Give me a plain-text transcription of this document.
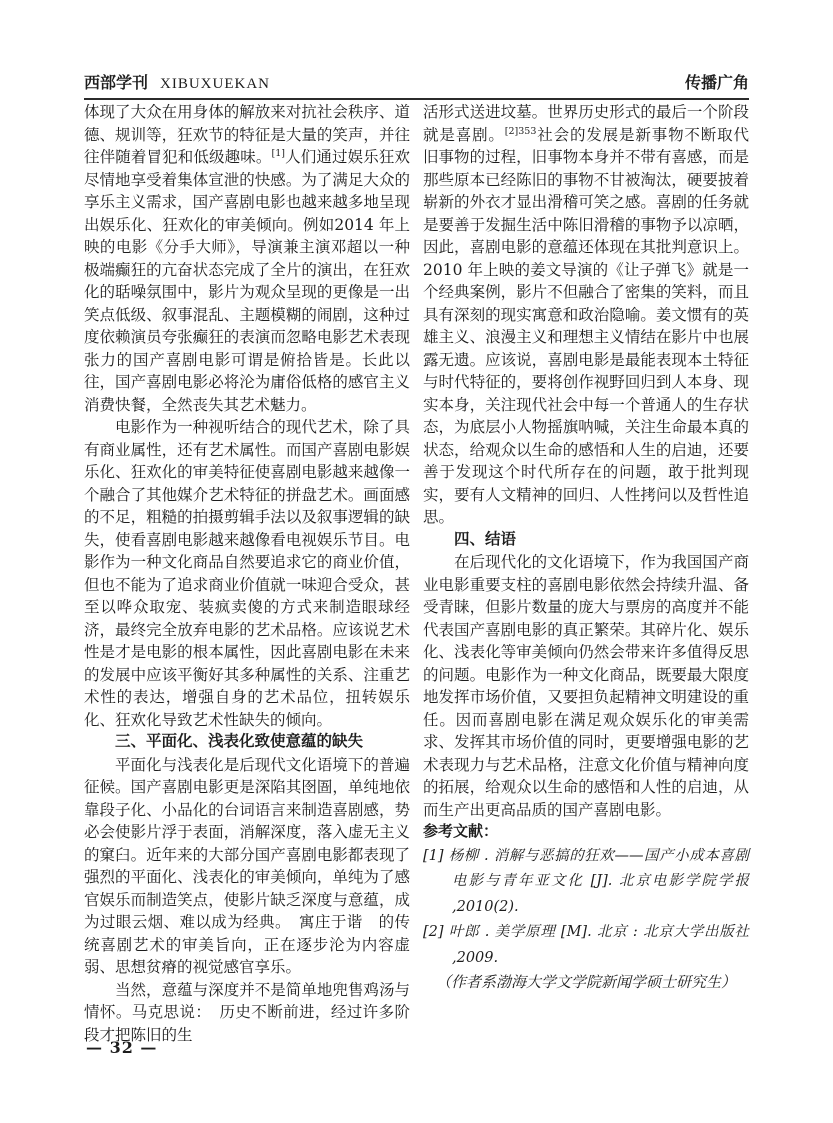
西部学刊 XIBUXUEKAN	传播广角

体现了大众在用身体的解放来对抗社会秩序、道德、规训等，狂欢节的特征是大量的笑声，并往往伴随着冒犯和低级趣味。[1]人们通过娱乐狂欢尽情地享受着集体宣泄的快感。为了满足大众的享乐主义需求，国产喜剧电影也越来越多地呈现出娱乐化、狂欢化的审美倾向。例如2014 年上映的电影《分手大师》，导演兼主演邓超以一种极端癫狂的亢奋状态完成了全片的演出，在狂欢化的聒噪氛围中，影片为观众呈现的更像是一出笑点低级、叙事混乱、主题模糊的闹剧，这种过度依赖演员夸张癫狂的表演而忽略电影艺术表现张力的国产喜剧电影可谓是俯拾皆是。长此以往，国产喜剧电影必将沦为庸俗低格的感官主义消费快餐，全然丧失其艺术魅力。

电影作为一种视听结合的现代艺术，除了具有商业属性，还有艺术属性。而国产喜剧电影娱乐化、狂欢化的审美特征使喜剧电影越来越像一个融合了其他媒介艺术特征的拼盘艺术。画面感的不足，粗糙的拍摄剪辑手法以及叙事逻辑的缺失，使看喜剧电影越来越像看电视娱乐节目。电影作为一种文化商品自然要追求它的商业价值，但也不能为了追求商业价值就一味迎合受众，甚至以哗众取宠、装疯卖傻的方式来制造眼球经济，最终完全放弃电影的艺术品格。应该说艺术性是才是电影的根本属性，因此喜剧电影在未来的发展中应该平衡好其多种属性的关系、注重艺术性的表达，增强自身的艺术品位，扭转娱乐化、狂欢化导致艺术性缺失的倾向。

三、平面化、浅表化致使意蕴的缺失

平面化与浅表化是后现代文化语境下的普遍征候。国产喜剧电影更是深陷其囹圄，单纯地依靠段子化、小品化的台词语言来制造喜剧感，势必会使影片浮于表面，消解深度，落入虚无主义的窠臼。近年来的大部分国产喜剧电影都表现了强烈的平面化、浅表化的审美倾向，单纯为了感官娱乐而制造笑点，使影片缺乏深度与意蕴，成为过眼云烟、难以成为经典。　寓庄于谐　的传统喜剧艺术的审美旨向，正在逐步沦为内容虚弱、思想贫瘠的视觉感官享乐。

当然，意蕴与深度并不是简单地兜售鸡汤与情怀。马克思说：　历史不断前进，经过许多阶段才把陈旧的生

活形式送进坟墓。世界历史形式的最后一个阶段就是喜剧。$^{[2]353}$社会的发展是新事物不断取代旧事物的过程，旧事物本身并不带有喜感，而是那些原本已经陈旧的事物不甘被淘汰，硬要披着崭新的外衣才显出滑稽可笑之感。喜剧的任务就是要善于发掘生活中陈旧滑稽的事物予以凉晒，因此，喜剧电影的意蕴还体现在其批判意识上。2010 年上映的姜文导演的《让子弹飞》就是一个经典案例，影片不但融合了密集的笑料，而且具有深刻的现实寓意和政治隐喻。姜文惯有的英雄主义、浪漫主义和理想主义情结在影片中也展露无遗。应该说，喜剧电影是最能表现本土特征与时代特征的，要将创作视野回归到人本身、现实本身，关注现代社会中每一个普通人的生存状态，为底层小人物摇旗呐喊，关注生命最本真的状态，给观众以生命的感悟和人生的启迪，还要善于发现这个时代所存在的问题，敢于批判现实，要有人文精神的回归、人性拷问以及哲性追思。

四、结语

在后现代化的文化语境下，作为我国国产商业电影重要支柱的喜剧电影依然会持续升温、备受青睐，但影片数量的庞大与票房的高度并不能代表国产喜剧电影的真正繁荣。其碎片化、娱乐化、浅表化等审美倾向仍然会带来许多值得反思的问题。电影作为一种文化商品，既要最大限度地发挥市场价值，又要担负起精神文明建设的重任。因而喜剧电影在满足观众娱乐化的审美需求、发挥其市场价值的同时，更要增强电影的艺术表现力与艺术品格，注意文化价值与精神向度的拓展，给观众以生命的感悟和人性的启迪，从而生产出更高品质的国产喜剧电影。

参考文献：

[1] 杨柳 . 消解与恶搞的狂欢——国产小成本喜剧电影与青年亚文化 [J]. 北京电影学院学报 ,2010(2).
[2] 叶郎 . 美学原理 [M]. 北京 : 北京大学出版社 ,2009.

（作者系渤海大学文学院新闻学硕士研究生）

— 32 —
